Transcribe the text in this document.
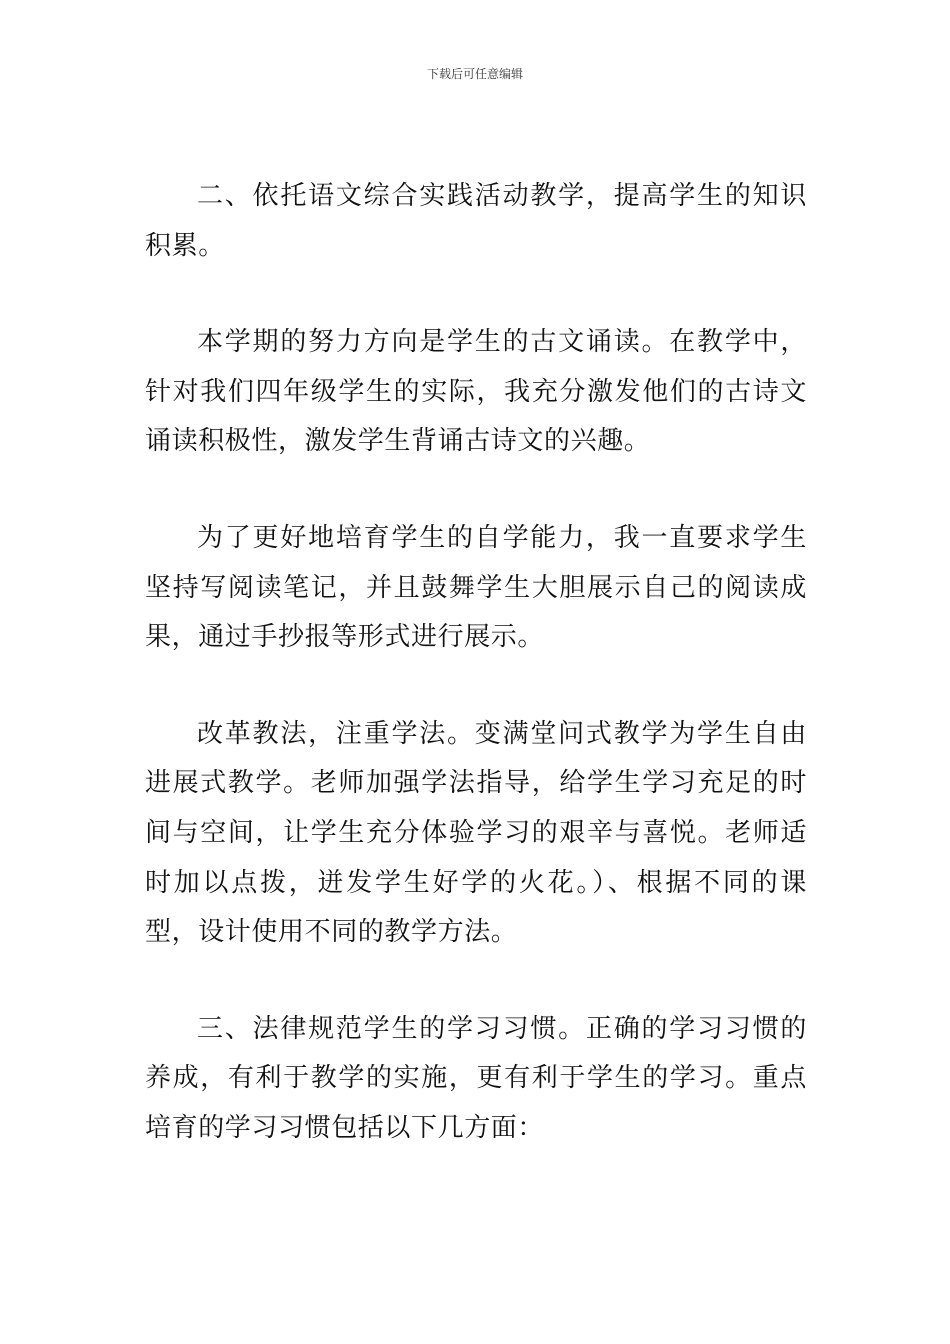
下载后可任意编辑

二、依托语文综合实践活动教学，提高学生的知识积累。

本学期的努力方向是学生的古文诵读。在教学中，针对我们四年级学生的实际，我充分激发他们的古诗文诵读积极性，激发学生背诵古诗文的兴趣。

为了更好地培育学生的自学能力，我一直要求学生坚持写阅读笔记，并且鼓舞学生大胆展示自己的阅读成果，通过手抄报等形式进行展示。

改革教法，注重学法。变满堂问式教学为学生自由进展式教学。老师加强学法指导，给学生学习充足的时间与空间，让学生充分体验学习的艰辛与喜悦。老师适时加以点拨，迸发学生好学的火花。）、根据不同的课型，设计使用不同的教学方法。

三、法律规范学生的学习习惯。正确的学习习惯的养成，有利于教学的实施，更有利于学生的学习。重点培育的学习习惯包括以下几方面：
